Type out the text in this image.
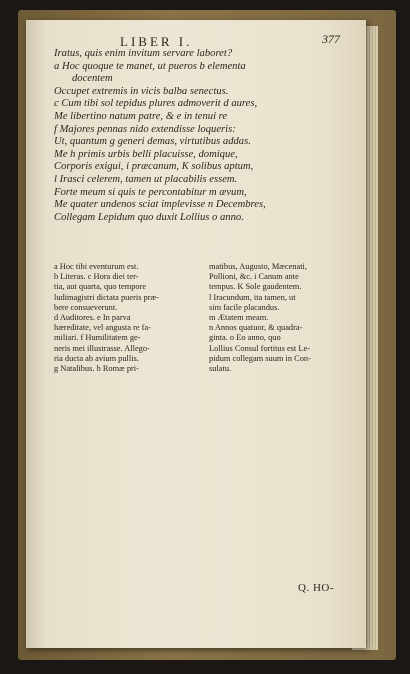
LIBER I.	377
Iratus, quis enim invitum servare laboret?
a Hoc quoque te manet, ut pueros b elementa
docentem
Occupet extremis in vicis balba senectus.
c Cum tibi sol tepidus plures admoverit d aures,
Me libertino natum patre, & e in tenui re
f Majores pennas nido extendisse loqueris:
Ut, quantum g generi demas, virtutibus addas.
Me h primis urbis belli placuisse, domique,
Corporis exigui, i præcanum, K solibus aptum,
l Irasci celerem, tamen ut placabilis essem.
Forte meum si quis te percontabitur m ævum,
Me quater undenos sciat implevisse n Decembres,
Collegam Lepidum quo duxit Lollius o anno.
a Hoc tibi eventurum est.
b Literas. c Hora diei ter-
tia, aut quarta, quo tempore
ludimagistri dictata pueris præ-
bere consueverunt.
d Auditores. e In parva
hæreditate, vel angusta re fa-
miliari. f Humilitatem ge-
neris mei illustrasse. Allego-
ria ducta ab avium pullis.
g Natalibus. h Romæ pri-
matibus, Augusto, Mæcenati,
Pollioni, &c. i Canum ante
tempus. K Sole gaudentem.
l Iracundum, ita tamen, ut
sim facile placandus.
m Ætatem meam.
n Annos quatuor, & quadra-
ginta. o Eo anno, quo
Lollius Consul fortitus est Le-
pidum collegam suum in Con-
sulatu.
Q. HO-
